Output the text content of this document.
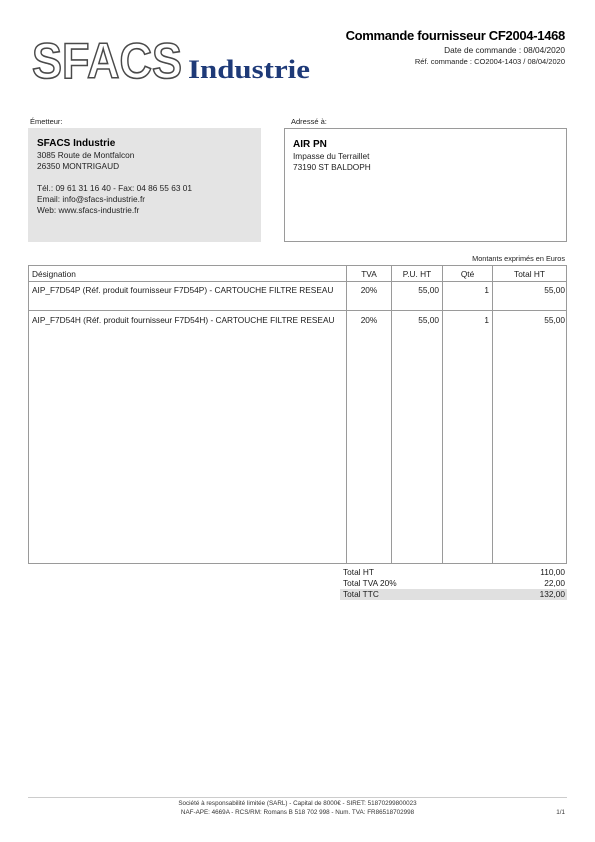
SFACS Industrie
Commande fournisseur CF2004-1468
Date de commande : 08/04/2020
Réf. commande : CO2004-1403 / 08/04/2020
Émetteur:	Adressé à:
SFACS Industrie
3085 Route de Montfalcon
26350 MONTRIGAUD
Tél.: 09 61 31 16 40 - Fax: 04 86 55 63 01
Email: info@sfacs-industrie.fr
Web: www.sfacs-industrie.fr
AIR PN
Impasse du Terraillet
73190 ST BALDOPH
Montants exprimés en Euros
Désignation	TVA	P.U. HT	Qté	Total HT
AIP_F7D54P (Réf. produit fournisseur F7D54P) - CARTOUCHE FILTRE RESEAU	20%	55,00	1	55,00
AIP_F7D54H (Réf. produit fournisseur F7D54H) - CARTOUCHE FILTRE RESEAU	20%	55,00	1	55,00
Total HT	110,00
Total TVA 20%	22,00
Total TTC	132,00
Société à responsabilité limitée (SARL) - Capital de 8000€ - SIRET: 51870299800023
NAF-APE: 4669A - RCS/RM: Romans B 518 702 998 - Num. TVA: FR86518702998	1/1
